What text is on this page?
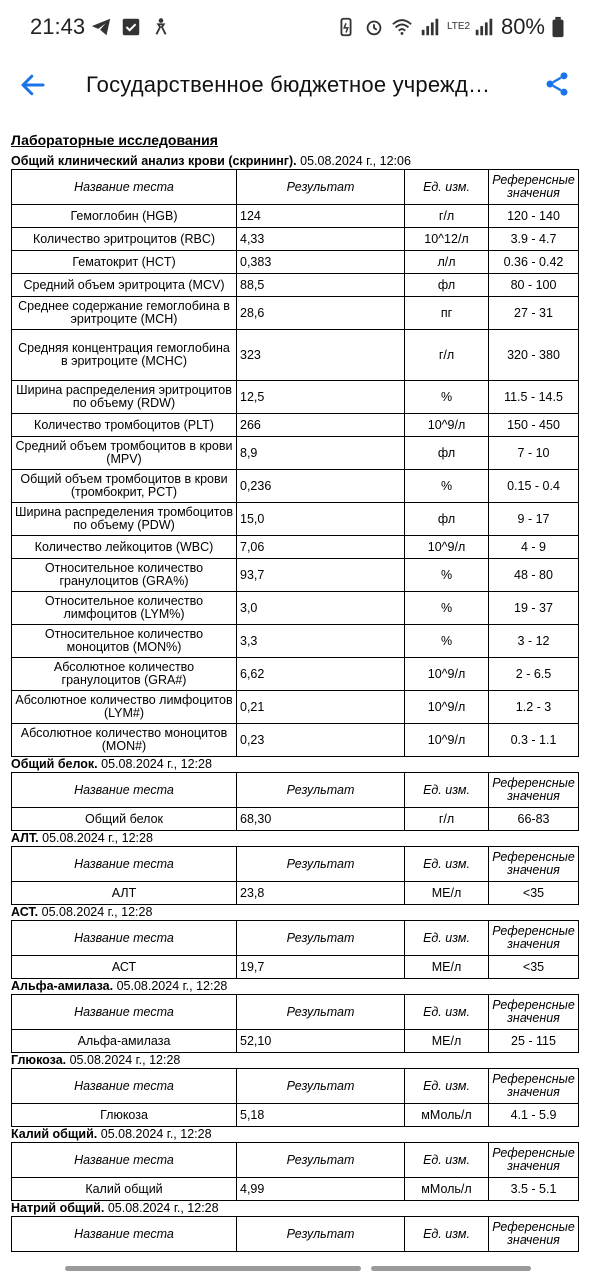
21:43	LTE2 80%
Государственное бюджетное учрежд…
Лабораторные исследования
Общий клинический анализ крови (скрининг). 05.08.2024 г., 12:06
Название теста	Результат	Ед. изм.	Референсные значения
Гемоглобин (HGB)	124	г/л	120 - 140
Количество эритроцитов (RBC)	4,33	10^12/л	3.9 - 4.7
Гематокрит (HCT)	0,383	л/л	0.36 - 0.42
Средний объем эритроцита (MCV)	88,5	фл	80 - 100
Среднее содержание гемоглобина в эритроците (MCH)	28,6	пг	27 - 31
Средняя концентрация гемоглобина в эритроците (MCHC)	323	г/л	320 - 380
Ширина распределения эритроцитов по объему (RDW)	12,5	%	11.5 - 14.5
Количество тромбоцитов (PLT)	266	10^9/л	150 - 450
Средний объем тромбоцитов в крови (MPV)	8,9	фл	7 - 10
Общий объем тромбоцитов в крови (тромбокрит, PCT)	0,236	%	0.15 - 0.4
Ширина распределения тромбоцитов по объему (PDW)	15,0	фл	9 - 17
Количество лейкоцитов (WBC)	7,06	10^9/л	4 - 9
Относительное количество гранулоцитов (GRA%)	93,7	%	48 - 80
Относительное количество лимфоцитов (LYM%)	3,0	%	19 - 37
Относительное количество моноцитов (MON%)	3,3	%	3 - 12
Абсолютное количество гранулоцитов (GRA#)	6,62	10^9/л	2 - 6.5
Абсолютное количество лимфоцитов (LYM#)	0,21	10^9/л	1.2 - 3
Абсолютное количество моноцитов (MON#)	0,23	10^9/л	0.3 - 1.1
Общий белок. 05.08.2024 г., 12:28
Название теста	Результат	Ед. изм.	Референсные значения
Общий белок	68,30	г/л	66-83
АЛТ. 05.08.2024 г., 12:28
Название теста	Результат	Ед. изм.	Референсные значения
АЛТ	23,8	МЕ/л	<35
АСТ. 05.08.2024 г., 12:28
Название теста	Результат	Ед. изм.	Референсные значения
АСТ	19,7	МЕ/л	<35
Альфа-амилаза. 05.08.2024 г., 12:28
Название теста	Результат	Ед. изм.	Референсные значения
Альфа-амилаза	52,10	МЕ/л	25 - 115
Глюкоза. 05.08.2024 г., 12:28
Название теста	Результат	Ед. изм.	Референсные значения
Глюкоза	5,18	мМоль/л	4.1 - 5.9
Калий общий. 05.08.2024 г., 12:28
Название теста	Результат	Ед. изм.	Референсные значения
Калий общий	4,99	мМоль/л	3.5 - 5.1
Натрий общий. 05.08.2024 г., 12:28
Название теста	Результат	Ед. изм.	Референсные значения
